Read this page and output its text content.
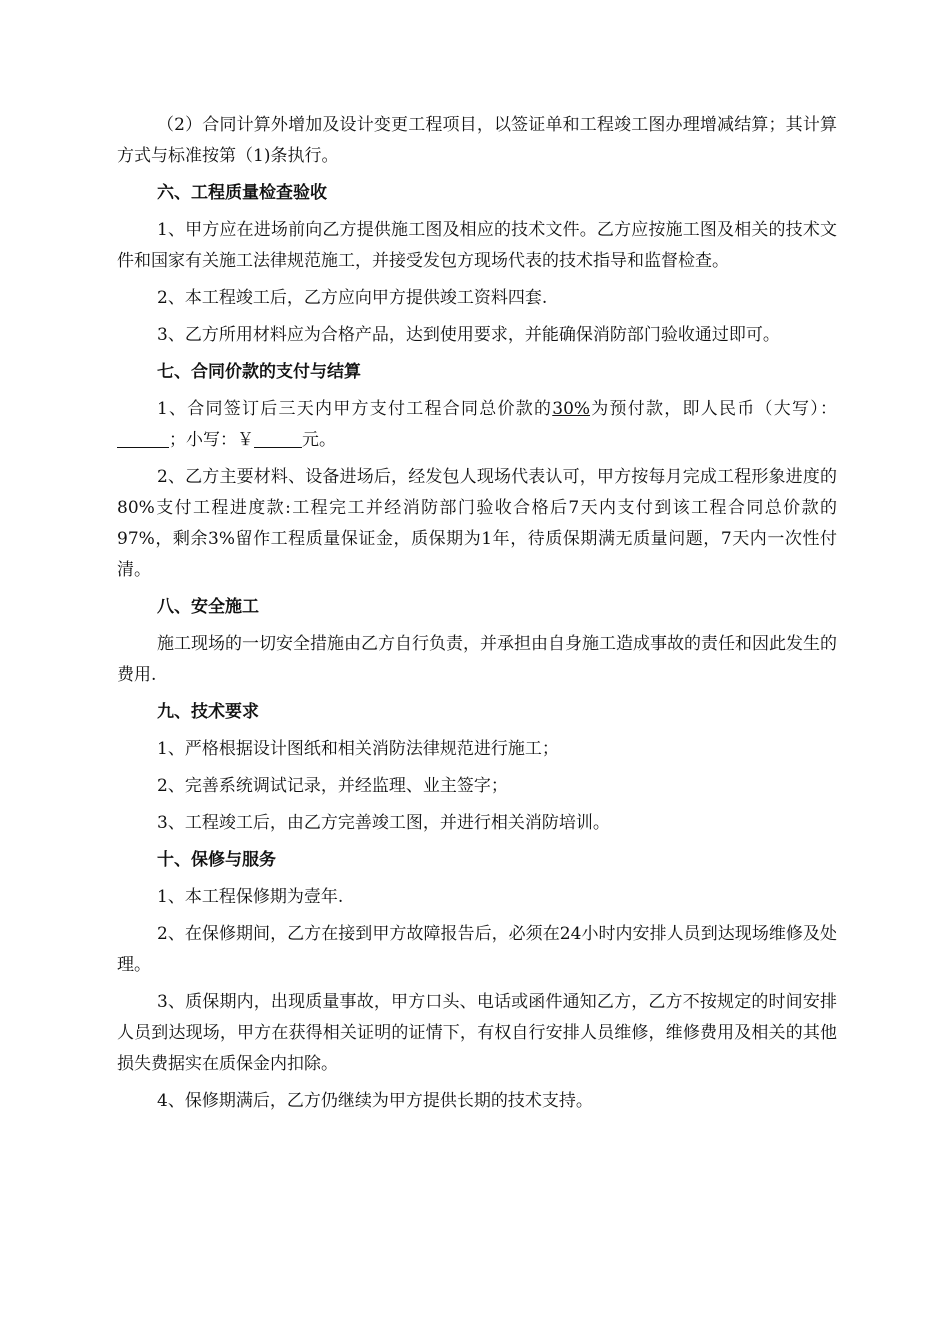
（2）合同计算外增加及设计变更工程项目，以签证单和工程竣工图办理增减结算；其计算方式与标准按第（1)条执行。

六、工程质量检查验收

1、甲方应在进场前向乙方提供施工图及相应的技术文件。乙方应按施工图及相关的技术文件和国家有关施工法律规范施工，并接受发包方现场代表的技术指导和监督检查。

2、本工程竣工后，乙方应向甲方提供竣工资料四套.

3、乙方所用材料应为合格产品，达到使用要求，并能确保消防部门验收通过即可。

七、合同价款的支付与结算

1、合同签订后三天内甲方支付工程合同总价款的30%为预付款，即人民币（大写）：；小写：￥	元。

2、乙方主要材料、设备进场后，经发包人现场代表认可，甲方按每月完成工程形象进度的80%支付工程进度款:工程完工并经消防部门验收合格后7天内支付到该工程合同总价款的97%，剩余3%留作工程质量保证金，质保期为1年，待质保期满无质量问题，7天内一次性付清。

八、安全施工

施工现场的一切安全措施由乙方自行负责，并承担由自身施工造成事故的责任和因此发生的费用.

九、技术要求

1、严格根据设计图纸和相关消防法律规范进行施工；

2、完善系统调试记录，并经监理、业主签字；

3、工程竣工后，由乙方完善竣工图，并进行相关消防培训。

十、保修与服务

1、本工程保修期为壹年.

2、在保修期间，乙方在接到甲方故障报告后，必须在24小时内安排人员到达现场维修及处理。

3、质保期内，出现质量事故，甲方口头、电话或函件通知乙方，乙方不按规定的时间安排人员到达现场，甲方在获得相关证明的证情下，有权自行安排人员维修，维修费用及相关的其他损失费据实在质保金内扣除。

4、保修期满后，乙方仍继续为甲方提供长期的技术支持。
